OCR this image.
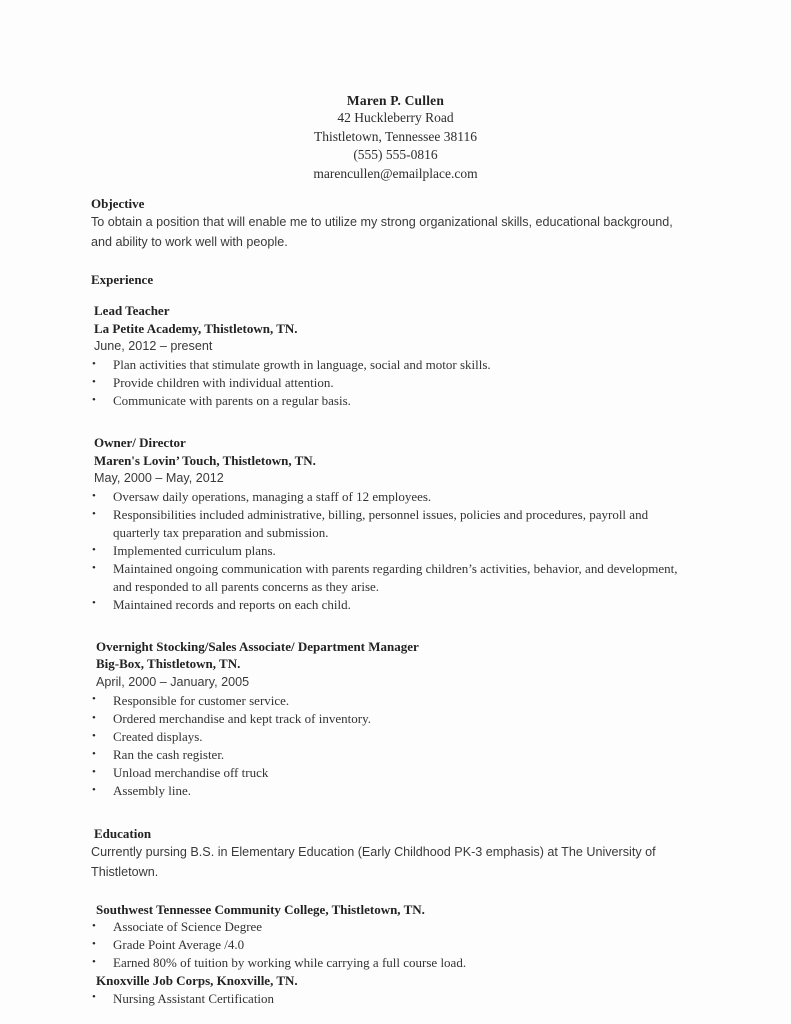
Maren P. Cullen
42 Huckleberry Road
Thistletown, Tennessee 38116
(555) 555-0816
marencullen@emailplace.com
Objective
To obtain a position that will enable me to utilize my strong organizational skills, educational background, and ability to work well with people.
Experience
Lead Teacher
La Petite Academy, Thistletown, TN.
June, 2012 – present
• Plan activities that stimulate growth in language, social and motor skills.
• Provide children with individual attention.
• Communicate with parents on a regular basis.
Owner/ Director
Maren's Lovin’ Touch, Thistletown, TN.
May, 2000 – May, 2012
• Oversaw daily operations, managing a staff of 12 employees.
• Responsibilities included administrative, billing, personnel issues, policies and procedures, payroll and quarterly tax preparation and submission.
• Implemented curriculum plans.
• Maintained ongoing communication with parents regarding children’s activities, behavior, and development, and responded to all parents concerns as they arise.
• Maintained records and reports on each child.
Overnight Stocking/Sales Associate/ Department Manager
Big-Box, Thistletown, TN.
April, 2000 – January, 2005
• Responsible for customer service.
• Ordered merchandise and kept track of inventory.
• Created displays.
• Ran the cash register.
• Unload merchandise off truck
• Assembly line.
Education
Currently pursing B.S. in Elementary Education (Early Childhood PK-3 emphasis) at The University of Thistletown.
Southwest Tennessee Community College, Thistletown, TN.
• Associate of Science Degree
• Grade Point Average /4.0
• Earned 80% of tuition by working while carrying a full course load.
Knoxville Job Corps, Knoxville, TN.
• Nursing Assistant Certification
